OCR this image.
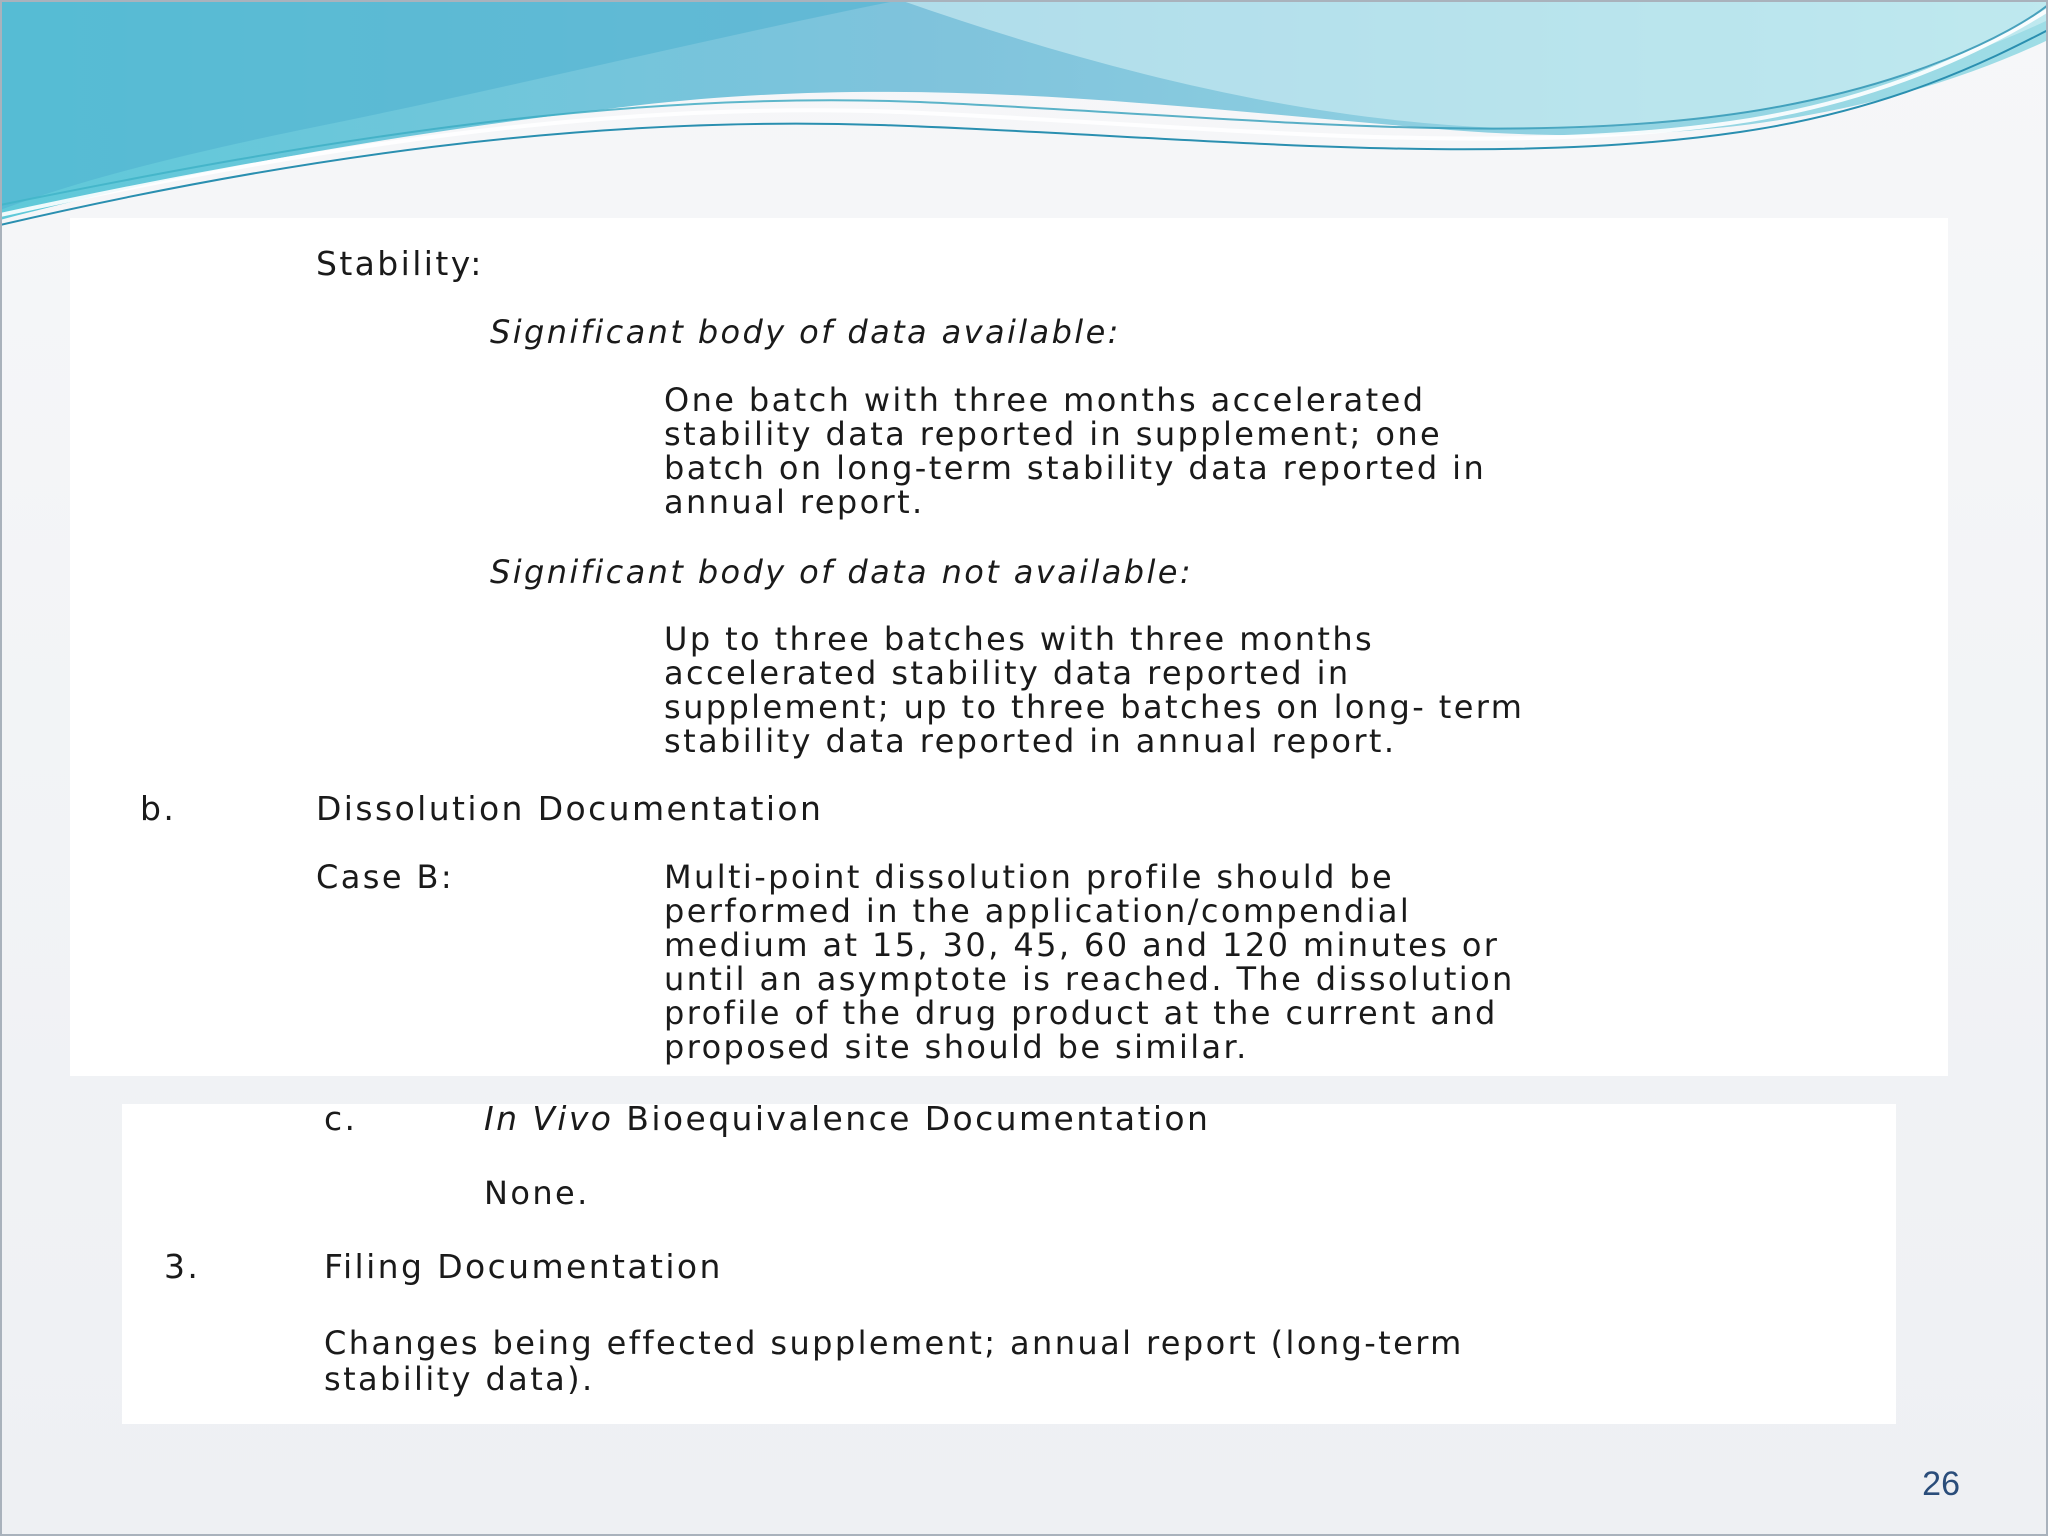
Stability:
Significant body of data available:
One batch with three months accelerated
stability data reported in supplement; one
batch on long-term stability data reported in
annual report.
Significant body of data not available:
Up to three batches with three months
accelerated stability data reported in
supplement; up to three batches on long- term
stability data reported in annual report.
b.	Dissolution Documentation
Case B:	Multi-point dissolution profile should be
performed in the application/compendial
medium at 15, 30, 45, 60 and 120 minutes or
until an asymptote is reached. The dissolution
profile of the drug product at the current and
proposed site should be similar.
c.	In Vivo Bioequivalence Documentation
None.
3.	Filing Documentation
Changes being effected supplement; annual report (long-term
stability data).
26
